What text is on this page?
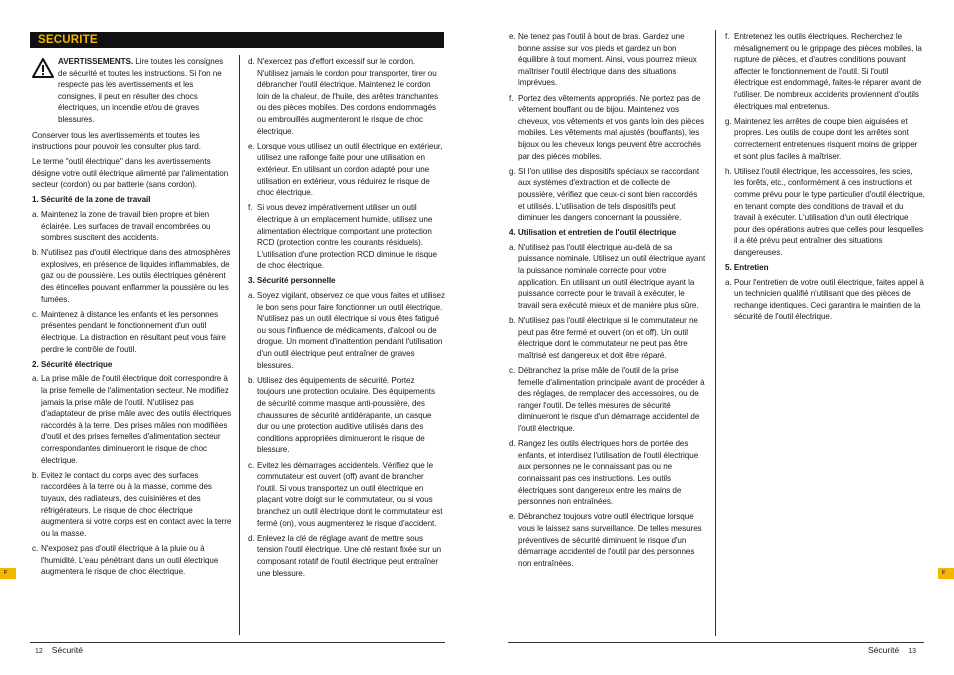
SECURITE
F	F
AVERTISSEMENTS. Lire toutes les consignes de sécurité et toutes les instructions. Si l'on ne respecte pas les avertissements et les consignes, il peut en résulter des chocs électriques, un incendie et/ou de graves blessures.

Conserver tous les avertissements et toutes les instructions pour pouvoir les consulter plus tard.

Le terme "outil électrique" dans les avertissements désigne votre outil électrique alimenté par l'alimentation secteur (cordon) ou par batterie (sans cordon).

1. Sécurité de la zone de travail

a. Maintenez la zone de travail bien propre et bien éclairée. Les surfaces de travail encombrées ou sombres suscitent des accidents.
b. N'utilisez pas d'outil électrique dans des atmosphères explosives, en présence de liquides inflammables, de gaz ou de poussière. Les outils électriques génèrent des étincelles pouvant enflammer la poussière ou les fumées.
c. Maintenez à distance les enfants et les personnes présentes pendant le fonctionnement d'un outil électrique. La distraction en résultant peut vous faire perdre le contrôle de l'outil.

2. Sécurité électrique

a. La prise mâle de l'outil électrique doit correspondre à la prise femelle de l'alimentation secteur. Ne modifiez jamais la prise mâle de l'outil. N'utilisez pas d'adaptateur de prise mâle avec des outils électriques raccordés à la terre. Des prises mâles non modifiées d'outil et des prises femelles d'alimentation secteur correspondantes diminueront le risque de choc électrique.
b. Evitez le contact du corps avec des surfaces raccordées à la terre ou à la masse, comme des tuyaux, des radiateurs, des cuisinières et des réfrigérateurs. Le risque de choc électrique augmentera si votre corps est en contact avec la terre ou la masse.
c. N'exposez pas d'outil électrique à la pluie ou à l'humidité. L'eau pénétrant dans un outil électrique augmentera le risque de choc électrique.
d. N'exercez pas d'effort excessif sur le cordon. N'utilisez jamais le cordon pour transporter, tirer ou débrancher l'outil électrique. Maintenez le cordon loin de la chaleur, de l'huile, des arêtes tranchantes ou des pièces mobiles. Des cordons endommagés ou embrouillés augmenteront le risque de choc électrique.
e. Lorsque vous utilisez un outil électrique en extérieur, utilisez une rallonge faite pour une utilisation en extérieur. En utilisant un cordon adapté pour une utilisation en extérieur, vous réduirez le risque de choc électrique.
f. Si vous devez impérativement utiliser un outil électrique à un emplacement humide, utilisez une alimentation électrique comportant une protection RCD (protection contre les courants résiduels). L'utilisation d'une protection RCD diminue le risque de choc électrique.

3. Sécurité personnelle

a. Soyez vigilant, observez ce que vous faites et utilisez le bon sens pour faire fonctionner un outil électrique. N'utilisez pas un outil électrique si vous êtes fatigué ou sous l'influence de médicaments, d'alcool ou de drogue. Un moment d'inattention pendant l'utilisation d'un outil électrique peut entraîner de graves blessures.
b. Utilisez des équipements de sécurité. Portez toujours une protection oculaire. Des équipements de sécurité comme masque anti-poussière, des chaussures de sécurité antidérapante, un casque dur ou une protection auditive utilisés dans des conditions appropriées diminueront le risque de blessure.
c. Evitez les démarrages accidentels. Vérifiez que le commutateur est ouvert (off) avant de brancher l'outil. Si vous transportez un outil électrique en plaçant votre doigt sur le commutateur, ou si vous branchez un outil électrique dont le commutateur est fermé (on), vous augmenterez le risque d'accident.
d. Enlevez la clé de réglage avant de mettre sous tension l'outil électrique. Une clé restant fixée sur un composant rotatif de l'outil électrique peut entraîner une blessure.
e. Ne tenez pas l'outil à bout de bras. Gardez une bonne assise sur vos pieds et gardez un bon équilibre à tout moment. Ainsi, vous pourrez mieux maîtriser l'outil électrique dans des situations imprévues.
f. Portez des vêtements appropriés. Ne portez pas de vêtement bouffant ou de bijou. Maintenez vos cheveux, vos vêtements et vos gants loin des pièces mobiles. Les vêtements mal ajustés (bouffants), les bijoux ou les cheveux longs peuvent être accrochés par des pièces mobiles.
g. SI l'on utilise des dispositifs spéciaux se raccordant aux systèmes d'extraction et de collecte de poussière, vérifiez que ceux-ci sont bien raccordés et utilisés. L'utilisation de tels dispositifs peut diminuer les dangers concernant la poussière.

4. Utilisation et entretien de l'outil électrique

a. N'utilisez pas l'outil électrique au-delà de sa puissance nominale. Utilisez un outil électrique ayant la puissance nominale correcte pour votre application. En utilisant un outil électrique ayant la puissance correcte pour le travail à exécuter, le travail sera exécuté mieux et de manière plus sûre.
b. N'utilisez pas l'outil électrique si le commutateur ne peut pas être fermé et ouvert (on et off). Un outil électrique dont le commutateur ne peut pas être maîtrisé est dangereux et doit être réparé.
c. Débranchez la prise mâle de l'outil de la prise femelle d'alimentation principale avant de procéder à des réglages, de remplacer des accessoires, ou de ranger l'outil. De telles mesures de sécurité diminueront le risque d'un démarrage accidentel de l'outil électrique.
d. Rangez les outils électriques hors de portée des enfants, et interdisez l'utilisation de l'outil électrique aux personnes ne le connaissant pas ou ne connaissant pas ces instructions. Les outils électriques sont dangereux entre les mains de personnes non entraînées.
e. Débranchez toujours votre outil électrique lorsque vous le laissez sans surveillance. De telles mesures préventives de sécurité diminuent le risque d'un démarrage accidentel de l'outil par des personnes non entraînées.
f. Entretenez les outils électriques. Recherchez le mésalignement ou le grippage des pièces mobiles, la rupture de pièces, et d'autres conditions pouvant affecter le fonctionnement de l'outil. Si l'outil électrique est endommagé, faites-le réparer avant de l'utiliser. De nombreux accidents proviennent d'outils électriques mal entretenus.
g. Maintenez les arrêtes de coupe bien aiguisées et propres. Les outils de coupe dont les arrêtes sont correctement entretenues risquent moins de gripper et sont plus faciles à maîtriser.
h. Utilisez l'outil électrique, les accessoires, les scies, les forêts, etc., conformément à ces instructions et comme prévu pour le type particulier d'outil électrique, en tenant compte des conditions de travail et du travail à exécuter. L'utilisation d'un outil électrique pour des opérations autres que celles pour lesquelles il a été prévu peut entraîner des situations dangereuses.

5. Entretien

a. Pour l'entretien de votre outil électrique, faites appel à un technicien qualifié n'utilisant que des pièces de rechange identiques. Ceci garantira le maintien de la sécurité de l'outil électrique.
12 Sécurité	Sécurité 13
